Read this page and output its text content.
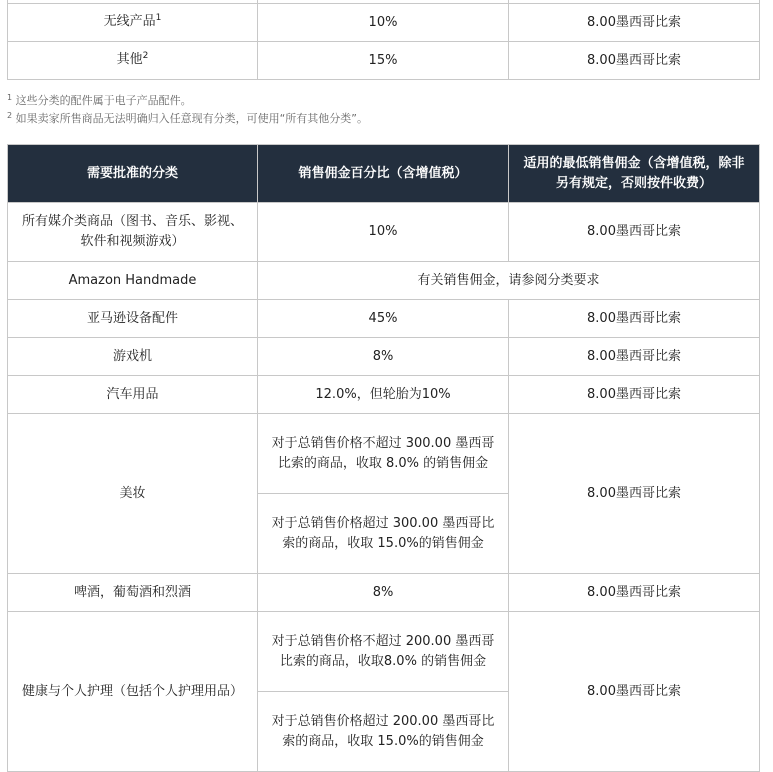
无线产品$^1$	10%	8.00墨西哥比索
其他$^2$	15%	8.00墨西哥比索
$^1$ 这些分类的配件属于电子产品配件。
$^2$ 如果卖家所售商品无法明确归入任意现有分类，可使用“所有其他分类”。
需要批准的分类	销售佣金百分比（含增值税）	适用的最低销售佣金（含增值税，除非另有规定，否则按件收费）
所有媒介类商品（图书、音乐、影视、软件和视频游戏）	10%	8.00墨西哥比索
Amazon Handmade	有关销售佣金，请参阅分类要求	
亚马逊设备配件	45%	8.00墨西哥比索
游戏机	8%	8.00墨西哥比索
汽车用品	12.0%，但轮胎为10%	8.00墨西哥比索
美妆	对于总销售价格不超过 300.00 墨西哥比索的商品，收取 8.0% 的销售佣金	8.00墨西哥比索
	对于总销售价格超过 300.00 墨西哥比索的商品，收取 15.0%的销售佣金	
啤酒，葡萄酒和烈酒	8%	8.00墨西哥比索
健康与个人护理（包括个人护理用品）	对于总销售价格不超过 200.00 墨西哥比索的商品，收取8.0% 的销售佣金	8.00墨西哥比索
	对于总销售价格超过 200.00 墨西哥比索的商品，收取 15.0%的销售佣金	
